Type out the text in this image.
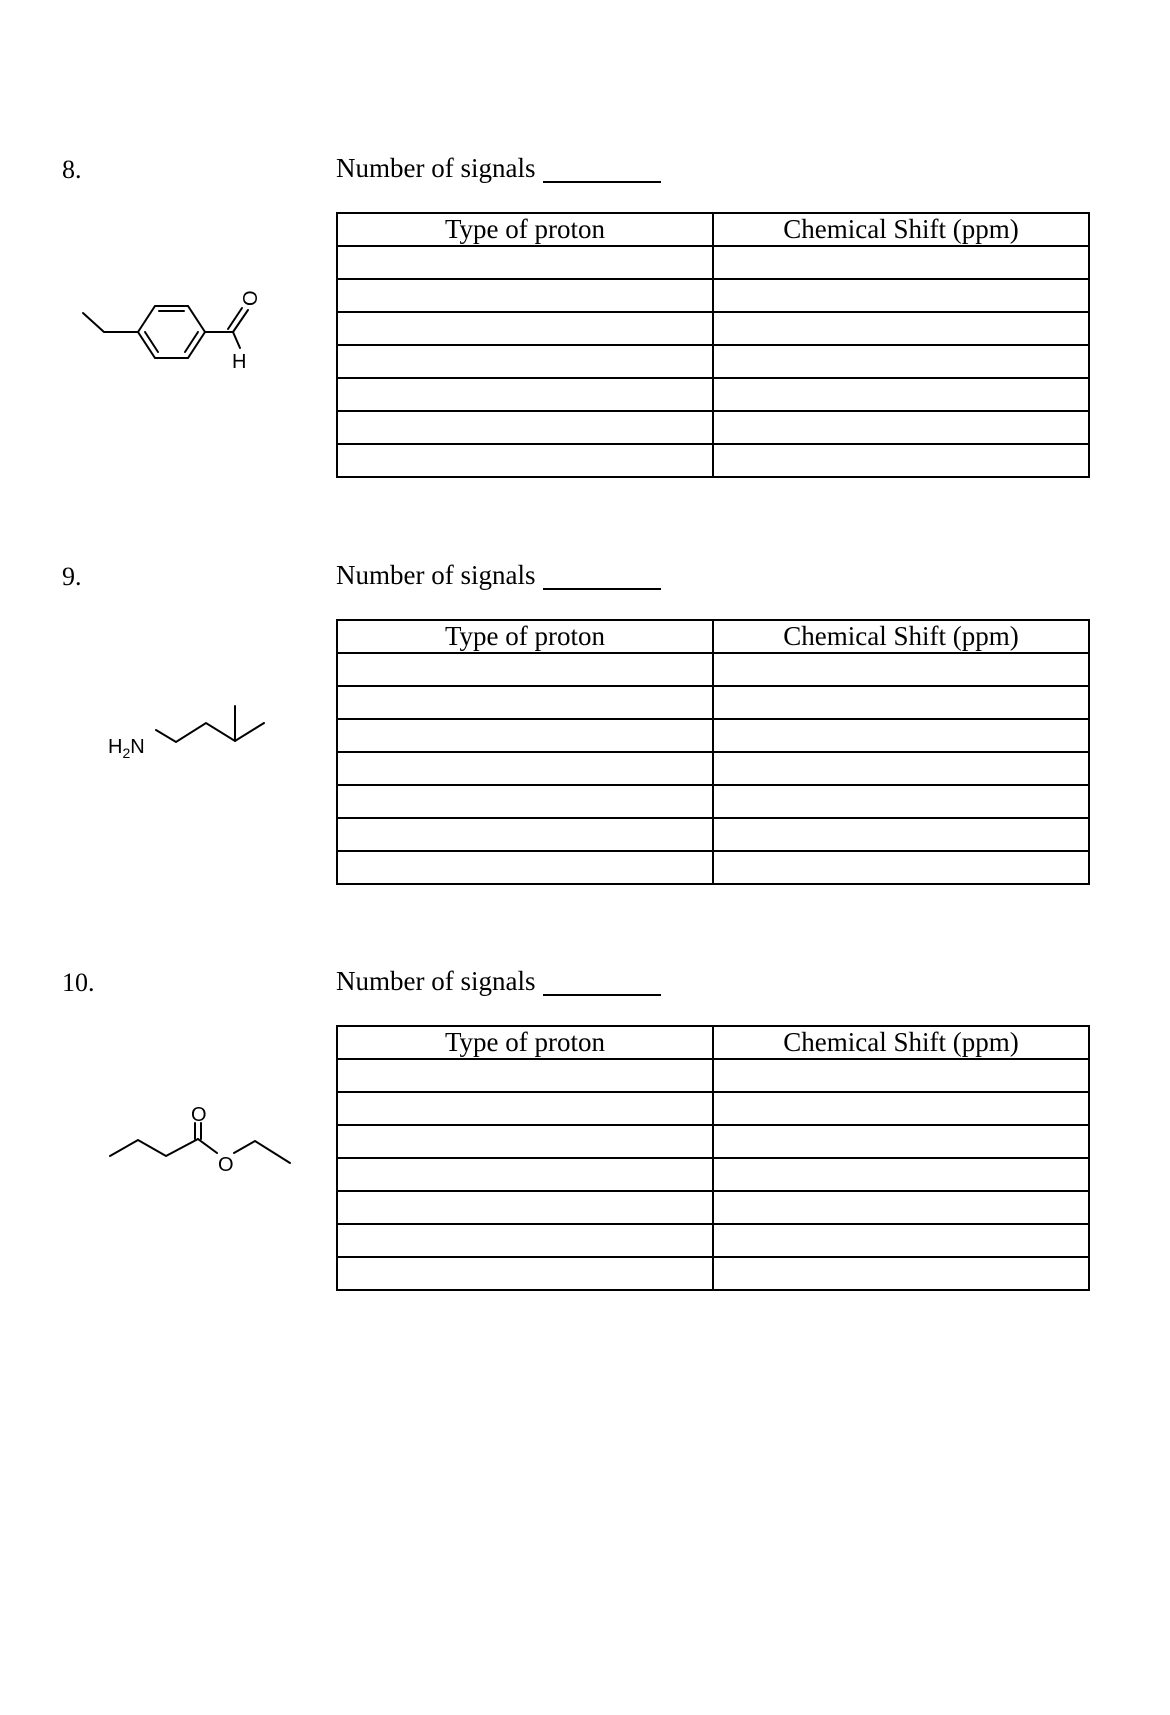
8.	Number of signals
O
H
Type of proton	Chemical Shift (ppm)

9.	Number of signals
$H_2N$
Type of proton	Chemical Shift (ppm)

10.	Number of signals
O
O
Type of proton	Chemical Shift (ppm)
